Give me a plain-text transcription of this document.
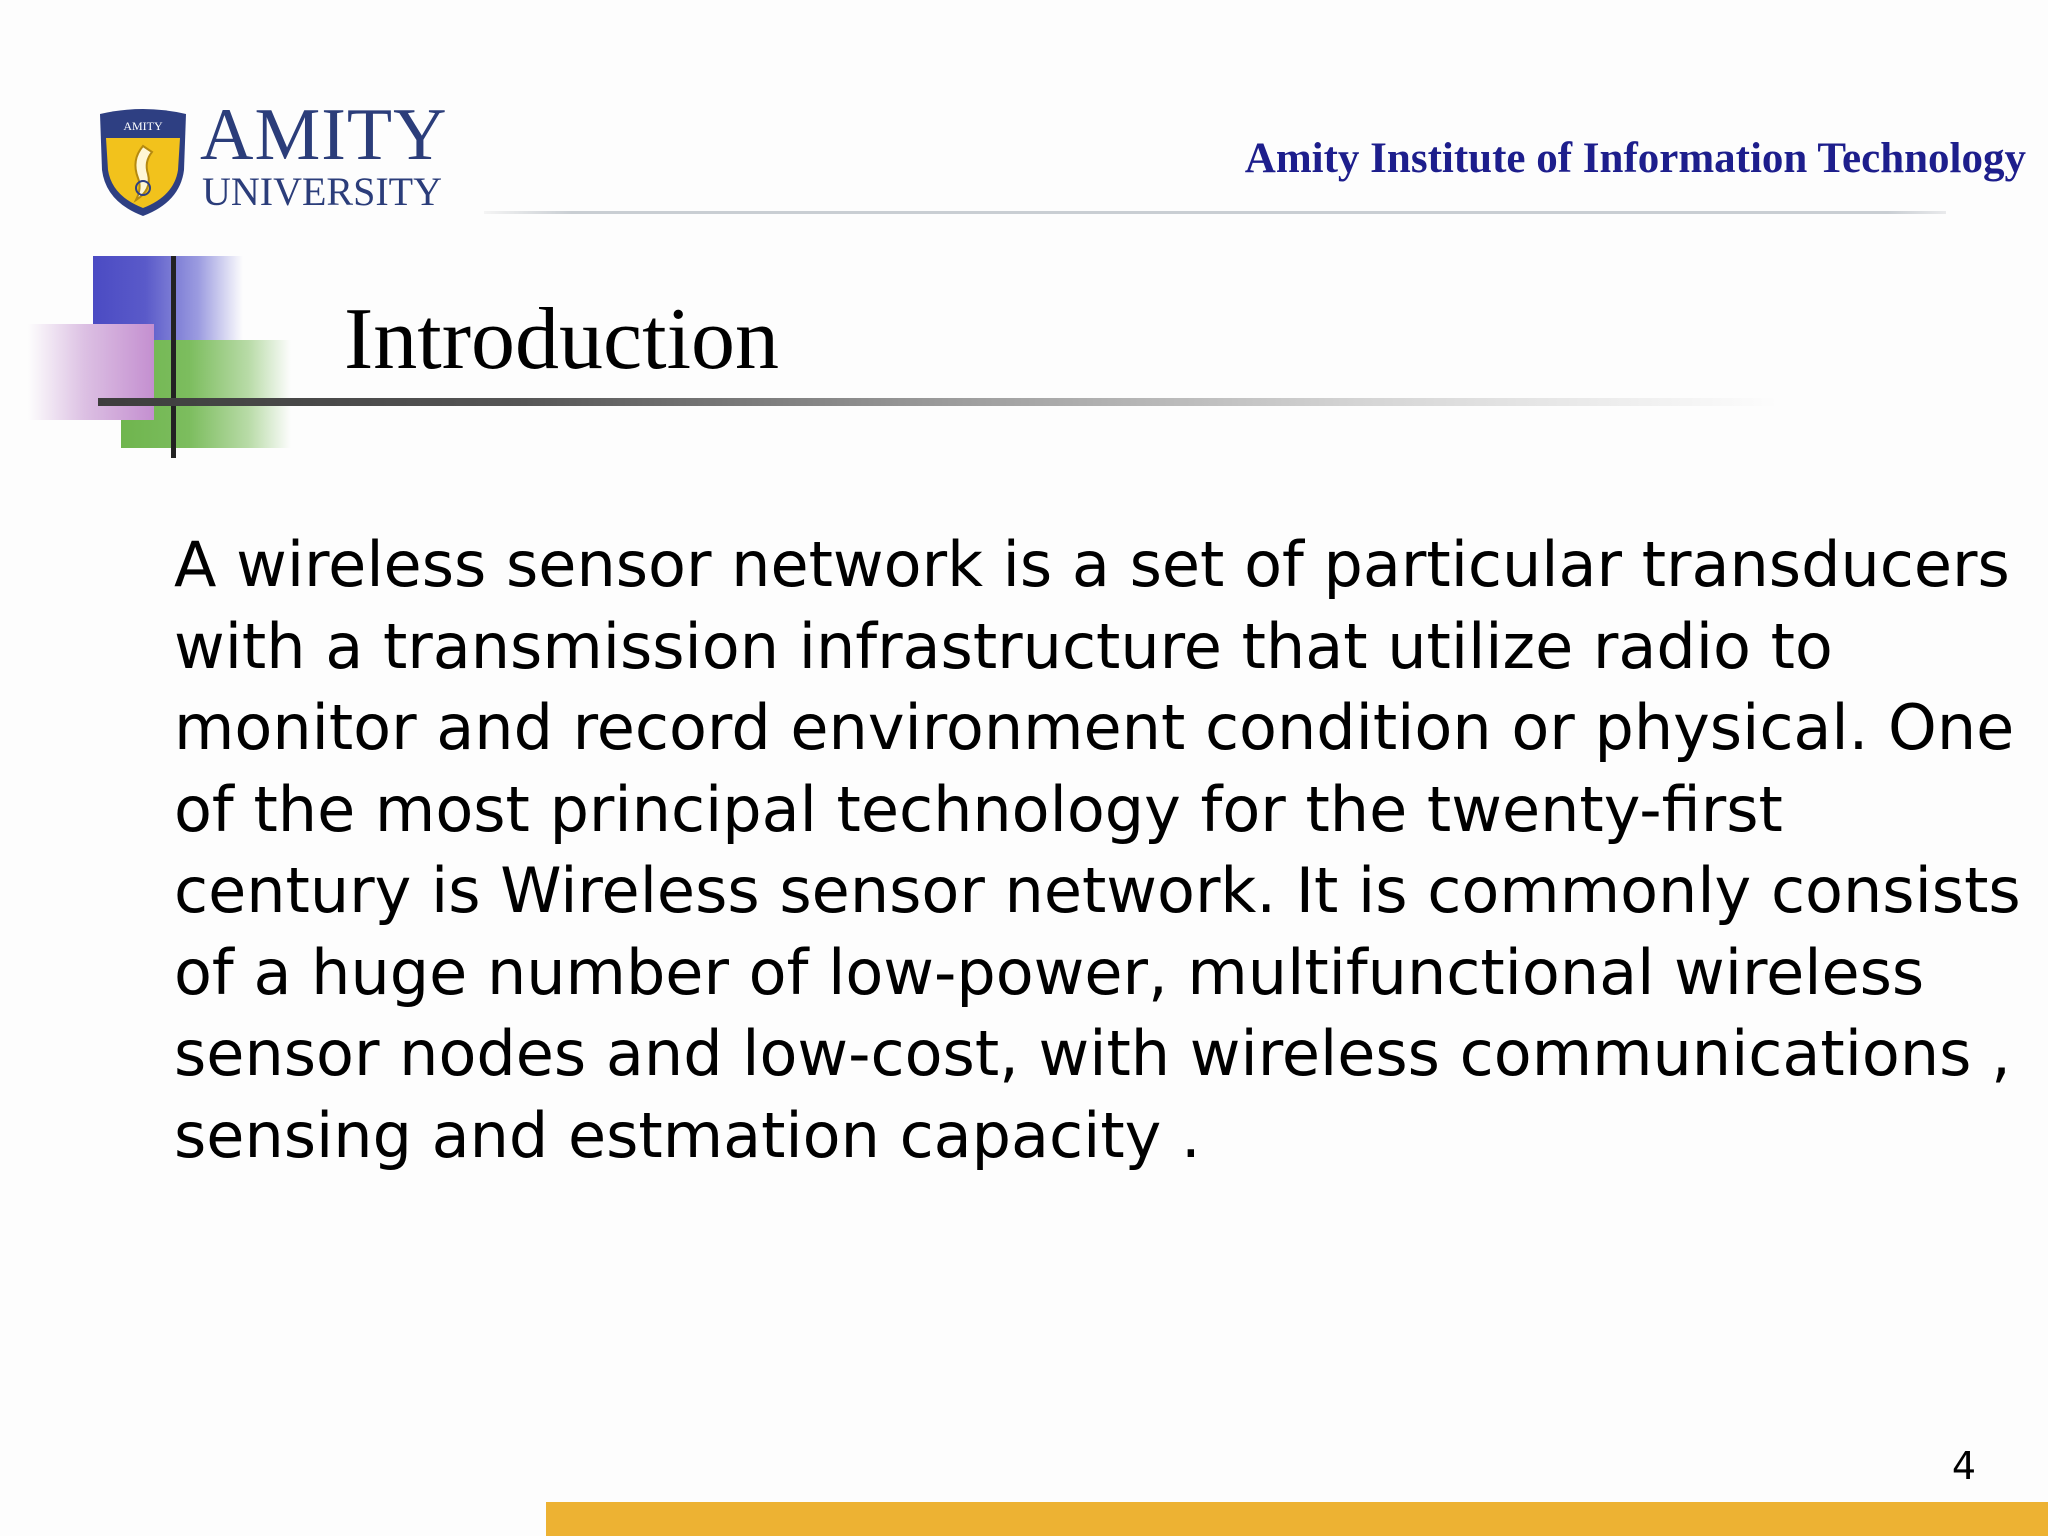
AMITY AMITY
UNIVERSITY
Amity Institute of Information Technology
Introduction

A wireless sensor network is a set of particular transducers with a transmission infrastructure that utilize radio to monitor and record environment condition or physical. One of the most principal technology for the twenty-first century is Wireless sensor network. It is commonly consists of a huge number of low-power, multifunctional wireless sensor nodes and low-cost, with wireless communications , sensing and estmation capacity .

4
